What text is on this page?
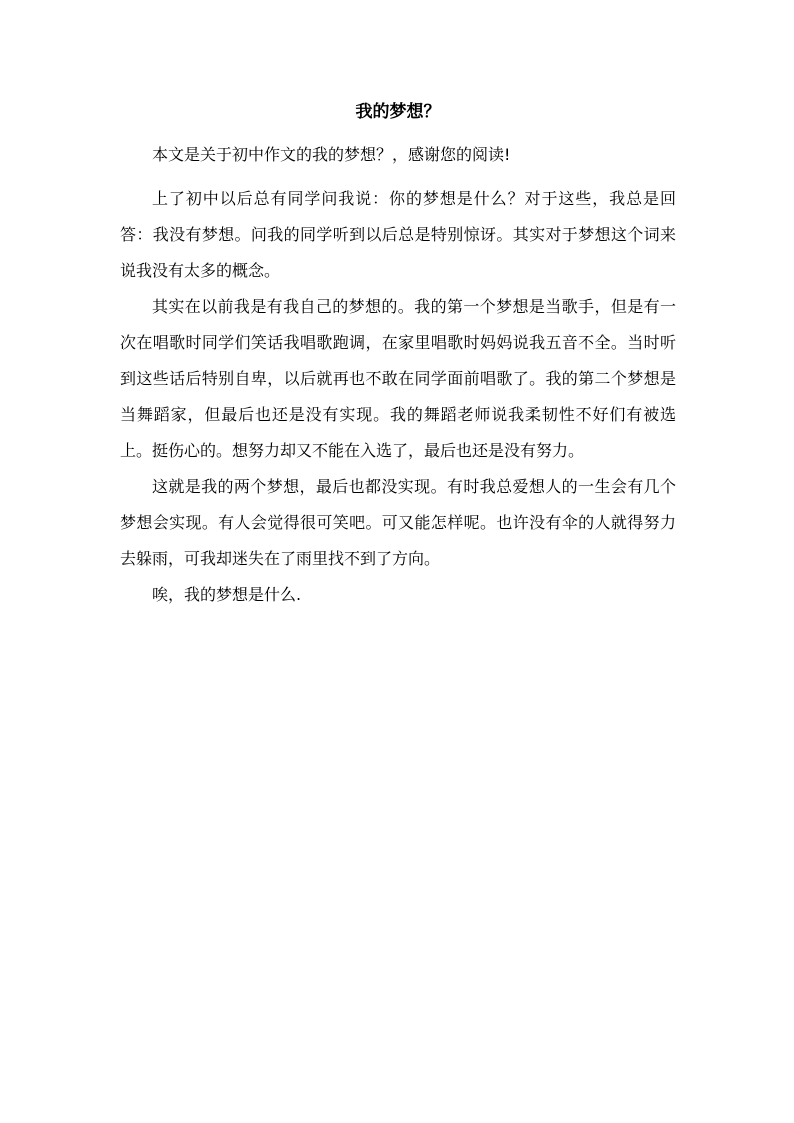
我的梦想？

本文是关于初中作文的我的梦想？，感谢您的阅读!

上了初中以后总有同学问我说：你的梦想是什么？对于这些，我总是回答：我没有梦想。问我的同学听到以后总是特别惊讶。其实对于梦想这个词来说我没有太多的概念。

其实在以前我是有我自己的梦想的。我的第一个梦想是当歌手，但是有一次在唱歌时同学们笑话我唱歌跑调，在家里唱歌时妈妈说我五音不全。当时听到这些话后特别自卑，以后就再也不敢在同学面前唱歌了。我的第二个梦想是当舞蹈家，但最后也还是没有实现。我的舞蹈老师说我柔韧性不好们有被选上。挺伤心的。想努力却又不能在入选了，最后也还是没有努力。

这就是我的两个梦想，最后也都没实现。有时我总爱想人的一生会有几个梦想会实现。有人会觉得很可笑吧。可又能怎样呢。也许没有伞的人就得努力去躲雨，可我却迷失在了雨里找不到了方向。

唉，我的梦想是什么.
